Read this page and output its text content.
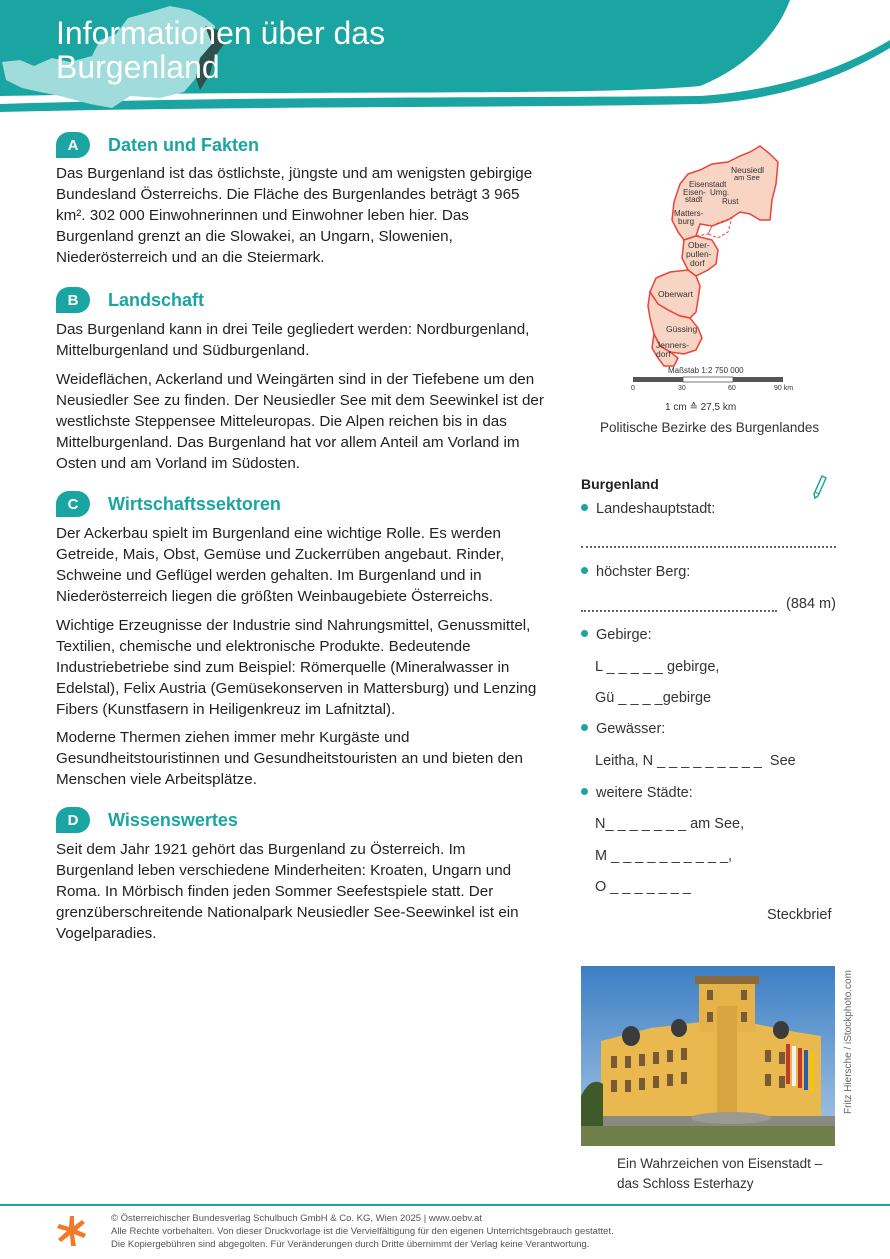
Informationen über das
Burgenland
A	Daten und Fakten
Das Burgenland ist das östlichste, jüngste und am wenigsten gebirgige Bundesland Österreichs. Die Fläche des Burgenlandes beträgt 3 965 km². 302 000 Einwohnerinnen und Einwohner leben hier. Das Burgenland grenzt an die Slowakei, an Ungarn, Slowenien, Niederösterreich und an die Steiermark.
B	Landschaft
Das Burgenland kann in drei Teile gegliedert werden: Nordburgenland, Mittelburgenland und Südburgenland.
Weideflächen, Ackerland und Weingärten sind in der Tiefebene um den Neusiedler See zu finden. Der Neusiedler See mit dem Seewinkel ist der westlichste Steppensee Mitteleuropas. Die Alpen reichen bis in das Mittelburgenland. Das Burgenland hat vor allem Anteil am Vorland im Osten und am Vorland im Südosten.
C	Wirtschaftssektoren
Der Ackerbau spielt im Burgenland eine wichtige Rolle. Es werden Getreide, Mais, Obst, Gemüse und Zuckerrüben angebaut. Rinder, Schweine und Geflügel werden gehalten. Im Burgenland und in Niederösterreich liegen die größten Weinbaugebiete Österreichs.
Wichtige Erzeugnisse der Industrie sind Nahrungsmittel, Genussmittel, Textilien, chemische und elektronische Produkte. Bedeutende Industriebetriebe sind zum Beispiel: Römerquelle (Mineralwasser in Edelstal), Felix Austria (Gemüsekonserven in Mattersburg) und Lenzing Fibers (Kunstfasern in Heiligenkreuz im Lafnitztal).
Moderne Thermen ziehen immer mehr Kurgäste und Gesundheitstouristinnen und Gesundheitstouristen an und bieten den Menschen viele Arbeitsplätze.
D	Wissenswertes
Seit dem Jahr 1921 gehört das Burgenland zu Österreich. Im Burgenland leben verschiedene Minderheiten: Kroaten, Ungarn und Roma. In Mörbisch finden jeden Sommer Seefestspiele statt. Der grenzüberschreitende Nationalpark Neusiedler See-Seewinkel ist ein Vogelparadies.
Neusiedl
am See
Eisenstadt
Eisen-
stadt
Umg.
Rust
Matters-
burg
Ober-
pullen-
dorf
Oberwart
Güssing
Jenners-
dorf
Maßstab 1:2 750 000
0	30	60	90 km
1 cm ≙ 27,5 km
Politische Bezirke des Burgenlandes
Burgenland
Landeshauptstadt:
höchster Berg:
(884 m)
Gebirge:
L _ _ _ _ _ gebirge,
Gü _ _ _ _gebirge
Gewässer:
Leitha, N _ _ _ _ _ _ _ _ _  See
weitere Städte:
N_ _ _ _ _ _ _ am See,
M _ _ _ _ _ _ _ _ _ _,
O _ _ _ _ _ _ _
Steckbrief
Fritz Hiersche / iStockphoto.com
Ein Wahrzeichen von Eisenstadt –
das Schloss Esterhazy
© Österreichischer Bundesverlag Schulbuch GmbH & Co. KG, Wien 2025 | www.oebv.at
Alle Rechte vorbehalten. Von dieser Druckvorlage ist die Vervielfältigung für den eigenen Unterrichtsgebrauch gestattet.
Die Kopiergebühren sind abgegolten. Für Veränderungen durch Dritte übernimmt der Verlag keine Verantwortung.
